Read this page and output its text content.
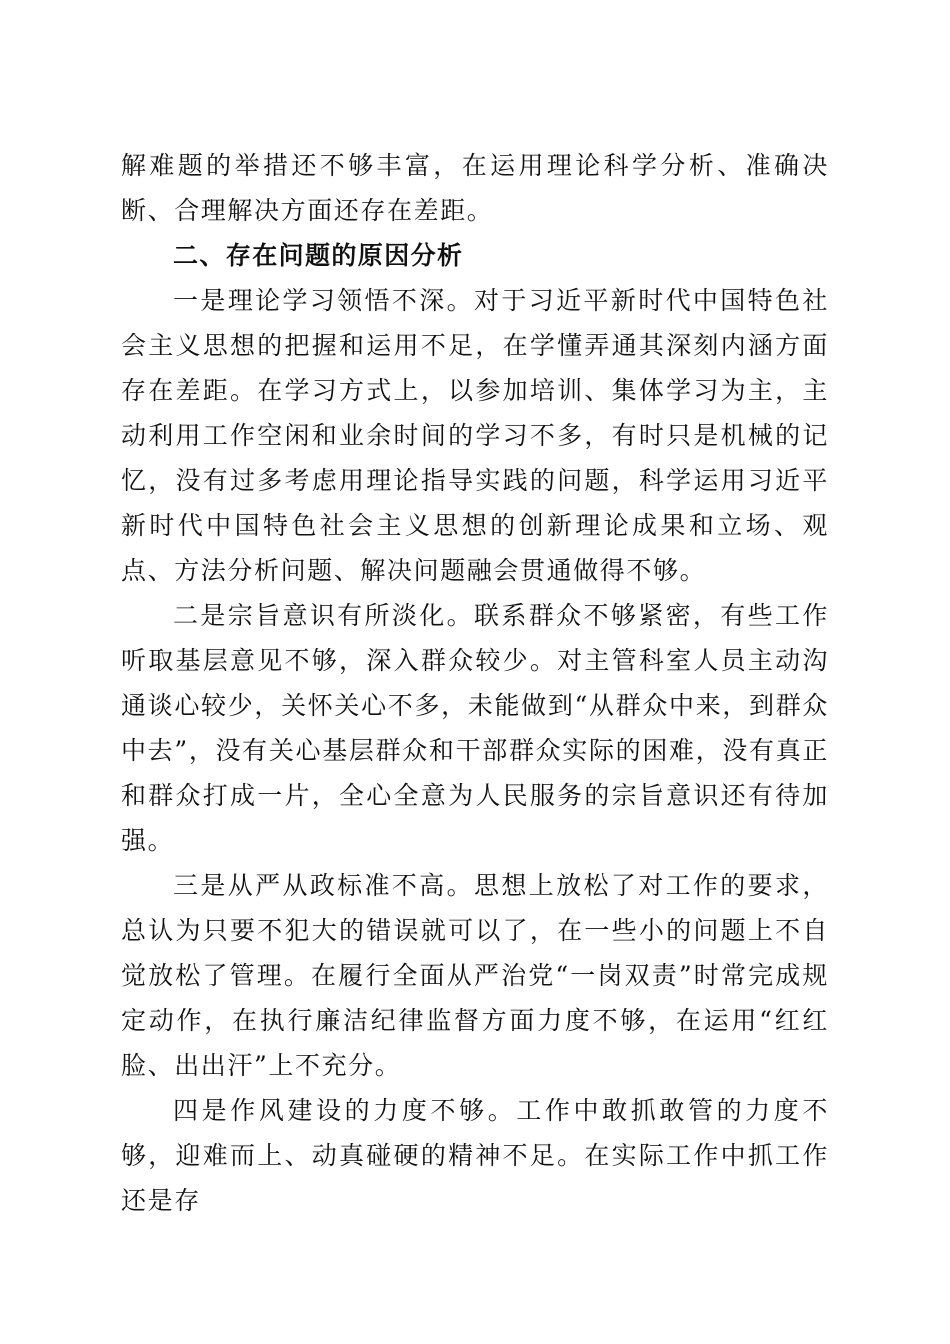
解难题的举措还不够丰富，在运用理论科学分析、准确决断、合理解决方面还存在差距。

二、存在问题的原因分析

一是理论学习领悟不深。对于习近平新时代中国特色社会主义思想的把握和运用不足，在学懂弄通其深刻内涵方面存在差距。在学习方式上，以参加培训、集体学习为主，主动利用工作空闲和业余时间的学习不多，有时只是机械的记忆，没有过多考虑用理论指导实践的问题，科学运用习近平新时代中国特色社会主义思想的创新理论成果和立场、观点、方法分析问题、解决问题融会贯通做得不够。

二是宗旨意识有所淡化。联系群众不够紧密，有些工作听取基层意见不够，深入群众较少。对主管科室人员主动沟通谈心较少，关怀关心不多，未能做到“从群众中来，到群众中去”，没有关心基层群众和干部群众实际的困难，没有真正和群众打成一片，全心全意为人民服务的宗旨意识还有待加强。

三是从严从政标准不高。思想上放松了对工作的要求，总认为只要不犯大的错误就可以了，在一些小的问题上不自觉放松了管理。在履行全面从严治党“一岗双责”时常完成规定动作，在执行廉洁纪律监督方面力度不够，在运用“红红脸、出出汗”上不充分。

四是作风建设的力度不够。工作中敢抓敢管的力度不够，迎难而上、动真碰硬的精神不足。在实际工作中抓工作还是存
